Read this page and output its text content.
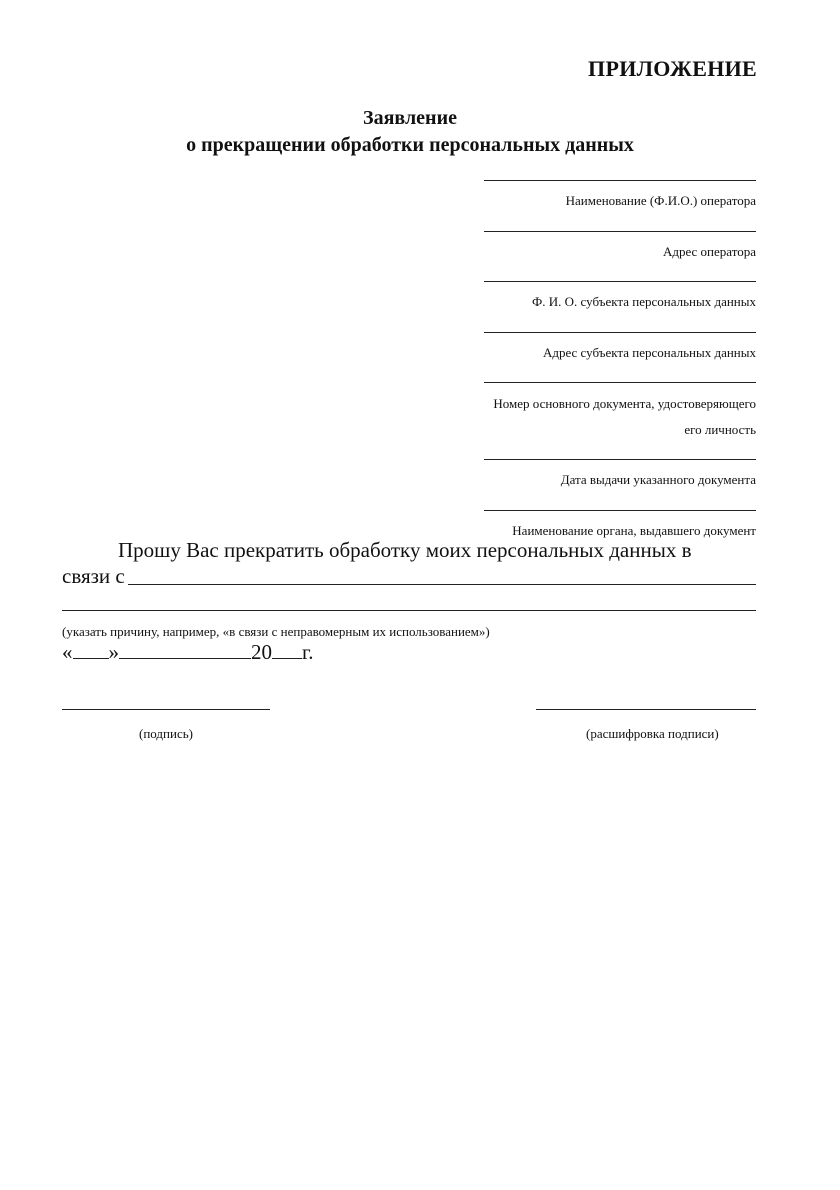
ПРИЛОЖЕНИЕ
Заявление
о прекращении обработки персональных данных
Наименование (Ф.И.О.) оператора
Адрес оператора
Ф. И. О. субъекта персональных данных
Адрес субъекта персональных данных
Номер основного документа, удостоверяющего
его личность
Дата выдачи указанного документа
Наименование органа, выдавшего документ
Прошу Вас прекратить обработку моих персональных данных в
связи с
(указать причину, например, «в связи с неправомерным их использованием»)
« »	20 г.
(подпись)	(расшифровка подписи)
